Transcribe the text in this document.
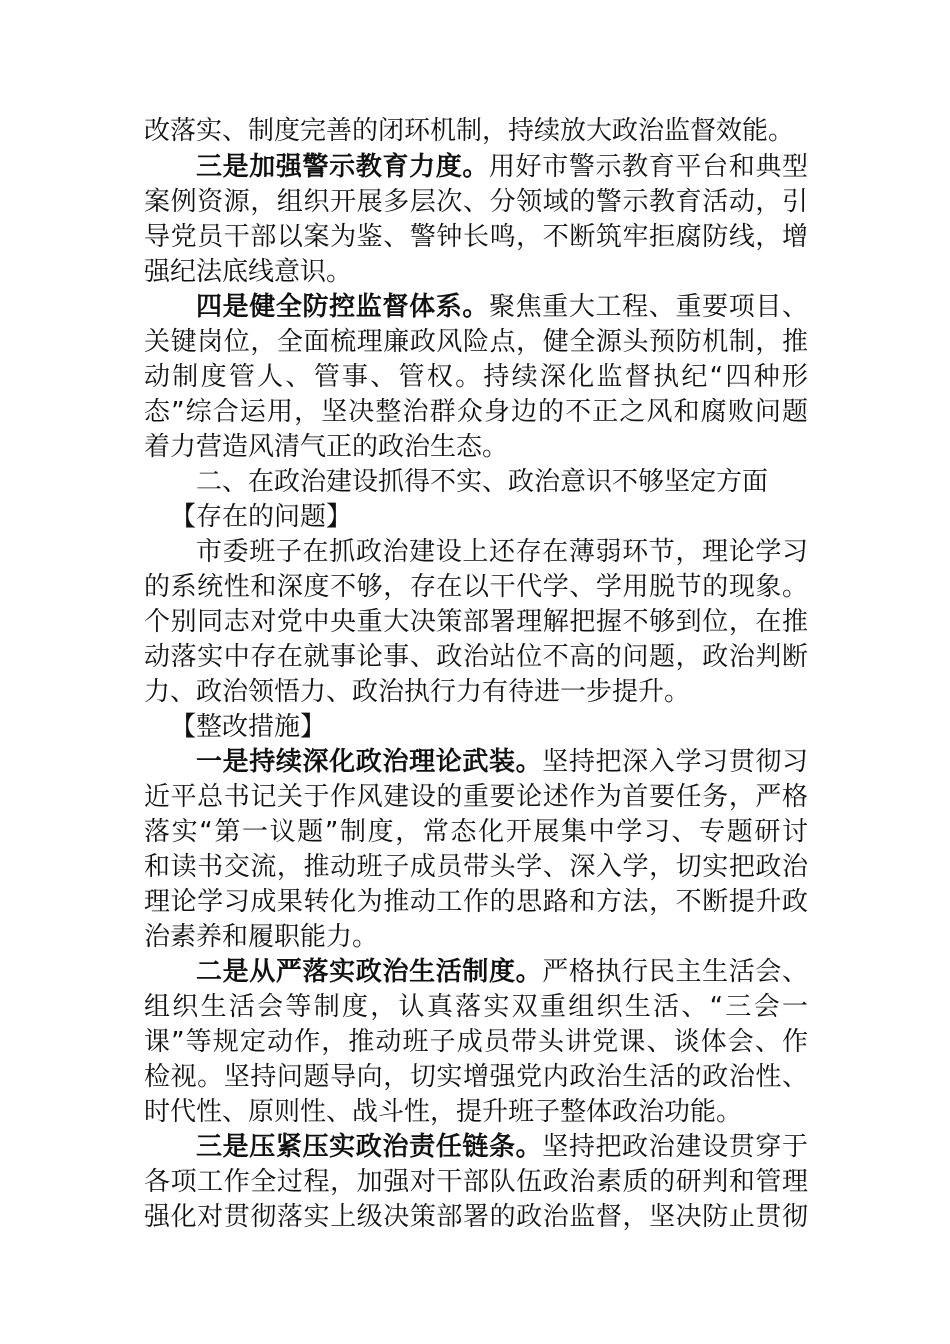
改落实、制度完善的闭环机制，持续放大政治监督效能。
三是加强警示教育力度。用好市警示教育平台和典型
案例资源，组织开展多层次、分领域的警示教育活动，引
导党员干部以案为鉴、警钟长鸣，不断筑牢拒腐防线，增
强纪法底线意识。
四是健全防控监督体系。聚焦重大工程、重要项目、
关键岗位，全面梳理廉政风险点，健全源头预防机制，推
动制度管人、管事、管权。持续深化监督执纪“四种形
态”综合运用，坚决整治群众身边的不正之风和腐败问题
着力营造风清气正的政治生态。
二、在政治建设抓得不实、政治意识不够坚定方面
【存在的问题】
市委班子在抓政治建设上还存在薄弱环节，理论学习
的系统性和深度不够，存在以干代学、学用脱节的现象。
个别同志对党中央重大决策部署理解把握不够到位，在推
动落实中存在就事论事、政治站位不高的问题，政治判断
力、政治领悟力、政治执行力有待进一步提升。
【整改措施】
一是持续深化政治理论武装。坚持把深入学习贯彻习
近平总书记关于作风建设的重要论述作为首要任务，严格
落实“第一议题”制度，常态化开展集中学习、专题研讨
和读书交流，推动班子成员带头学、深入学，切实把政治
理论学习成果转化为推动工作的思路和方法，不断提升政
治素养和履职能力。
二是从严落实政治生活制度。严格执行民主生活会、
组织生活会等制度，认真落实双重组织生活、“三会一
课”等规定动作，推动班子成员带头讲党课、谈体会、作
检视。坚持问题导向，切实增强党内政治生活的政治性、
时代性、原则性、战斗性，提升班子整体政治功能。
三是压紧压实政治责任链条。坚持把政治建设贯穿于
各项工作全过程，加强对干部队伍政治素质的研判和管理
强化对贯彻落实上级决策部署的政治监督，坚决防止贯彻
